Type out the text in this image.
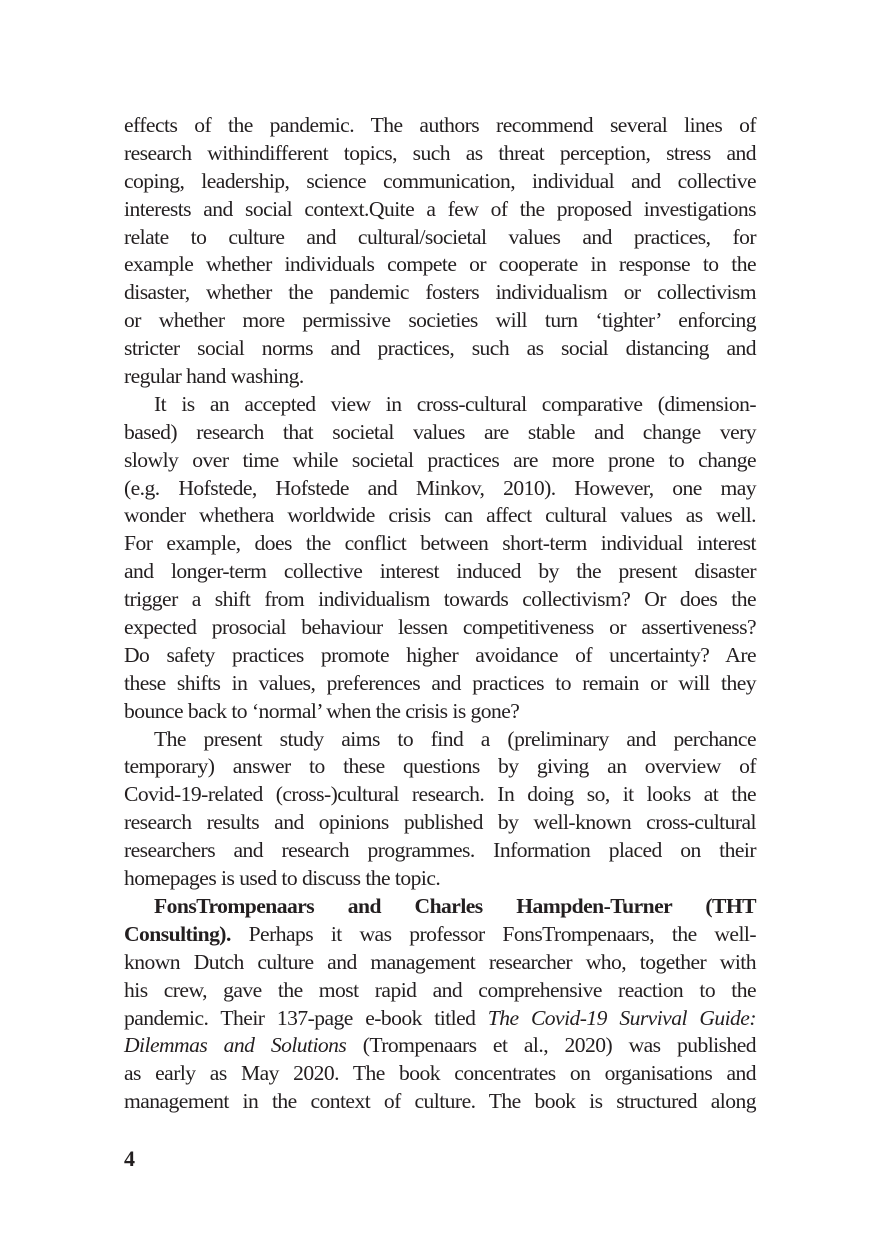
effects of the pandemic. The authors recommend several lines of
research withindifferent topics, such as threat perception, stress and
coping, leadership, science communication, individual and collective
interests and social context.Quite a few of the proposed investigations
relate to culture and cultural/societal values and practices, for
example whether individuals compete or cooperate in response to the
disaster, whether the pandemic fosters individualism or collectivism
or whether more permissive societies will turn ‘tighter’ enforcing
stricter social norms and practices, such as social distancing and
regular hand washing.
It is an accepted view in cross-cultural comparative (dimension-
based) research that societal values are stable and change very
slowly over time while societal practices are more prone to change
(e.g. Hofstede, Hofstede and Minkov, 2010). However, one may
wonder whethera worldwide crisis can affect cultural values as well.
For example, does the conflict between short-term individual interest
and longer-term collective interest induced by the present disaster
trigger a shift from individualism towards collectivism? Or does the
expected prosocial behaviour lessen competitiveness or assertiveness?
Do safety practices promote higher avoidance of uncertainty? Are
these shifts in values, preferences and practices to remain or will they
bounce back to ‘normal’ when the crisis is gone?
The present study aims to find a (preliminary and perchance
temporary) answer to these questions by giving an overview of
Covid-19-related (cross-)cultural research. In doing so, it looks at the
research results and opinions published by well-known cross-cultural
researchers and research programmes. Information placed on their
homepages is used to discuss the topic.
FonsTrompenaars and Charles Hampden-Turner (THT
Consulting). Perhaps it was professor FonsTrompenaars, the well-
known Dutch culture and management researcher who, together with
his crew, gave the most rapid and comprehensive reaction to the
pandemic. Their 137-page e-book titled The Covid-19 Survival Guide:
Dilemmas and Solutions (Trompenaars et al., 2020) was published
as early as May 2020. The book concentrates on organisations and
management in the context of culture. The book is structured along
4
